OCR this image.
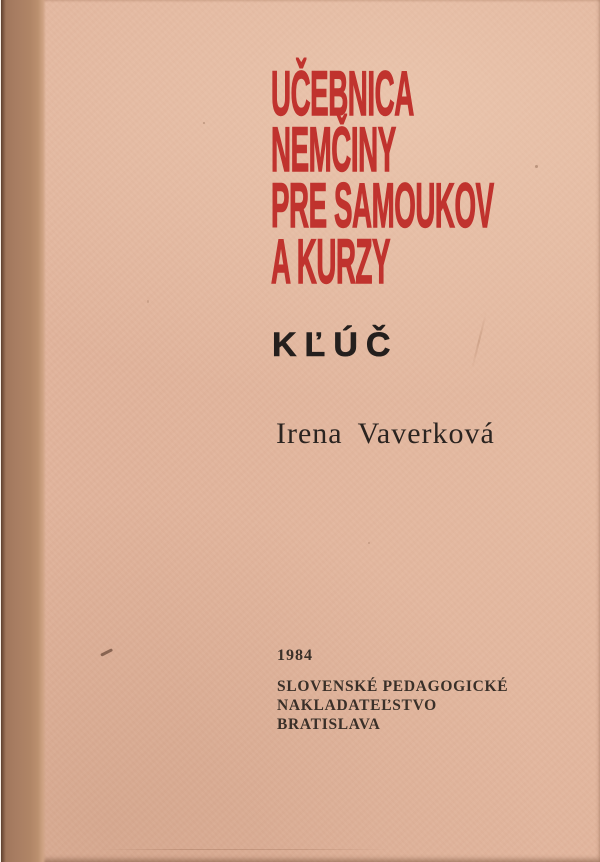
UČEBNICA
NEMČINY
PRE SAMOUKOV
A KURZY
KĽÚČ
Irena Vaverková
1984
SLOVENSKÉ PEDAGOGICKÉ
NAKLADATEĽSTVO
BRATISLAVA
